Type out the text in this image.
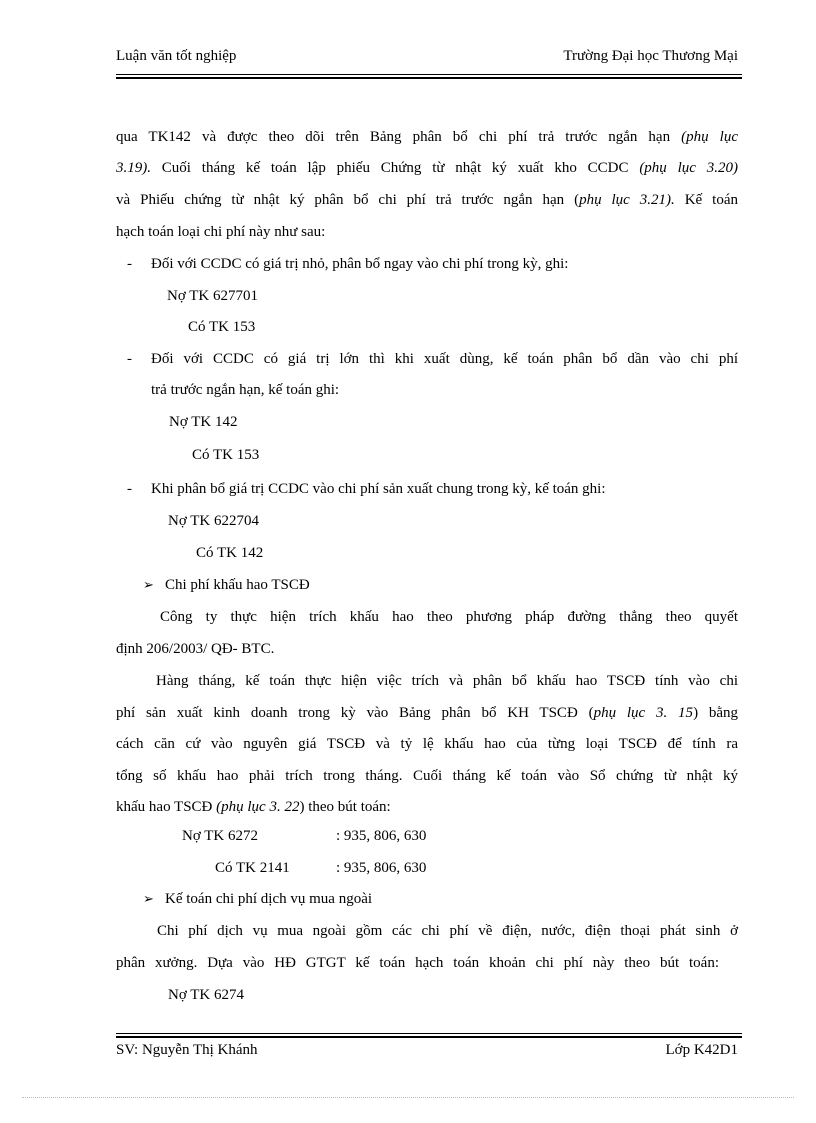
Luận văn tốt nghiệp	Trường Đại học Thương Mại
qua TK142 và được theo dõi trên Bảng phân bổ chi phí trả trước ngắn hạn (phụ lục
3.19). Cuối tháng kế toán lập phiếu Chứng từ nhật ký xuất kho CCDC (phụ lục 3.20)
và Phiếu chứng từ nhật ký phân bổ chi phí trả trước ngắn hạn (phụ lục 3.21). Kế toán
hạch toán loại chi phí này như sau:
- Đối với CCDC có giá trị nhỏ, phân bổ ngay vào chi phí trong kỳ, ghi:
Nợ TK 627701
Có TK 153
- Đối với CCDC có giá trị lớn thì khi xuất dùng, kế toán phân bổ dần vào chi phí
trả trước ngắn hạn, kế toán ghi:
Nợ TK 142
Có TK 153
- Khi phân bổ giá trị CCDC vào chi phí sản xuất chung trong kỳ, kế toán ghi:
Nợ TK 622704
Có TK 142
➢ Chi phí khấu hao TSCĐ
Công ty thực hiện trích khấu hao theo phương pháp đường thẳng theo quyết
định 206/2003/ QĐ- BTC.
Hàng tháng, kế toán thực hiện việc trích và phân bổ khấu hao TSCĐ tính vào chi
phí sản xuất kinh doanh trong kỳ vào Bảng phân bổ KH TSCĐ (phụ lục 3. 15) bằng
cách căn cứ vào nguyên giá TSCĐ và tỷ lệ khấu hao của từng loại TSCĐ để tính ra
tổng số khấu hao phải trích trong tháng. Cuối tháng kế toán vào Sổ chứng từ nhật ký
khấu hao TSCĐ (phụ lục 3. 22) theo bút toán:
Nợ TK 6272	: 935, 806, 630
Có TK 2141	: 935, 806, 630
➢ Kế toán chi phí dịch vụ mua ngoài
Chi phí dịch vụ mua ngoài gồm các chi phí về điện, nước, điện thoại phát sinh ở
phân xưởng. Dựa vào HĐ GTGT kế toán hạch toán khoản chi phí này theo bút toán:
Nợ TK 6274
SV: Nguyễn Thị Khánh	Lớp K42D1
